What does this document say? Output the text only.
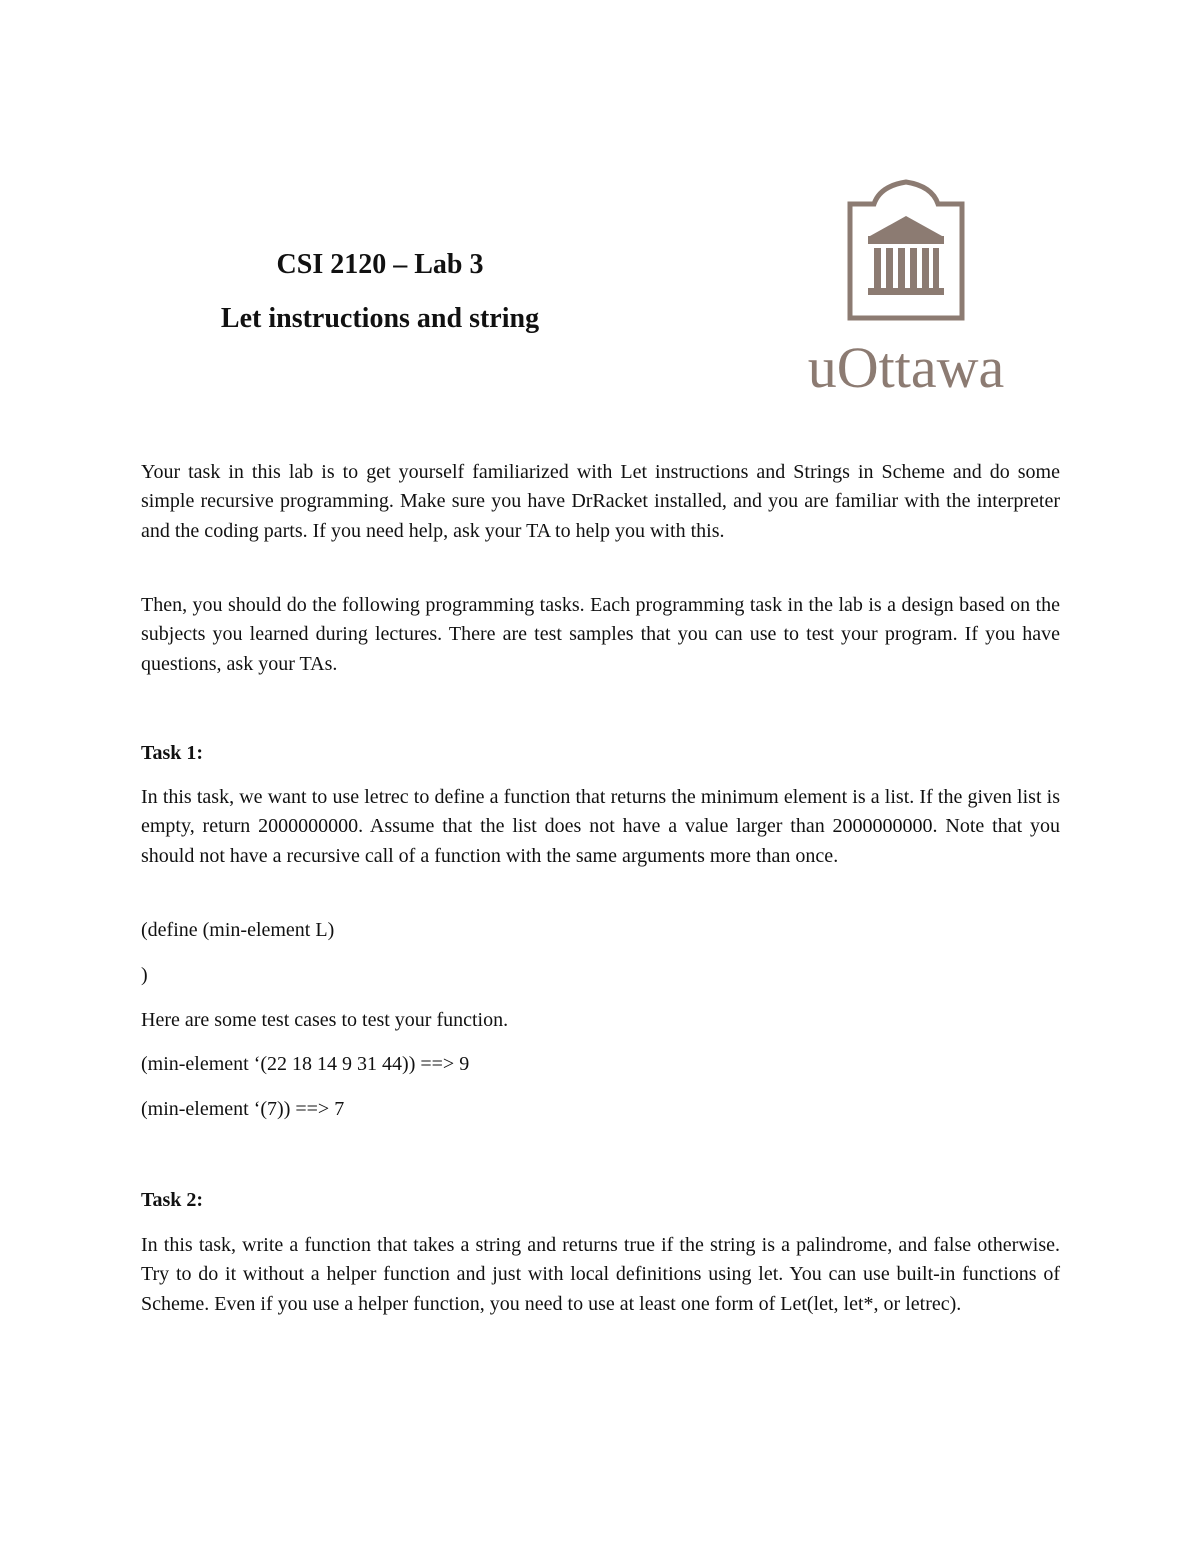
CSI 2120 – Lab 3
Let instructions and string
uOttawa

Your task in this lab is to get yourself familiarized with Let instructions and Strings in Scheme and do some simple recursive programming. Make sure you have DrRacket installed, and you are familiar with the interpreter and the coding parts. If you need help, ask your TA to help you with this.

Then, you should do the following programming tasks. Each programming task in the lab is a design based on the subjects you learned during lectures. There are test samples that you can use to test your program. If you have questions, ask your TAs.

Task 1:

In this task, we want to use letrec to define a function that returns the minimum element is a list. If the given list is empty, return 2000000000. Assume that the list does not have a value larger than 2000000000. Note that you should not have a recursive call of a function with the same arguments more than once.

(define (min-element L)
)
Here are some test cases to test your function.
(min-element ‘(22 18 14 9 31 44)) ==> 9
(min-element ‘(7)) ==> 7
Task 2:

In this task, write a function that takes a string and returns true if the string is a palindrome, and false otherwise. Try to do it without a helper function and just with local definitions using let. You can use built-in functions of Scheme. Even if you use a helper function, you need to use at least one form of Let(let, let*, or letrec).
